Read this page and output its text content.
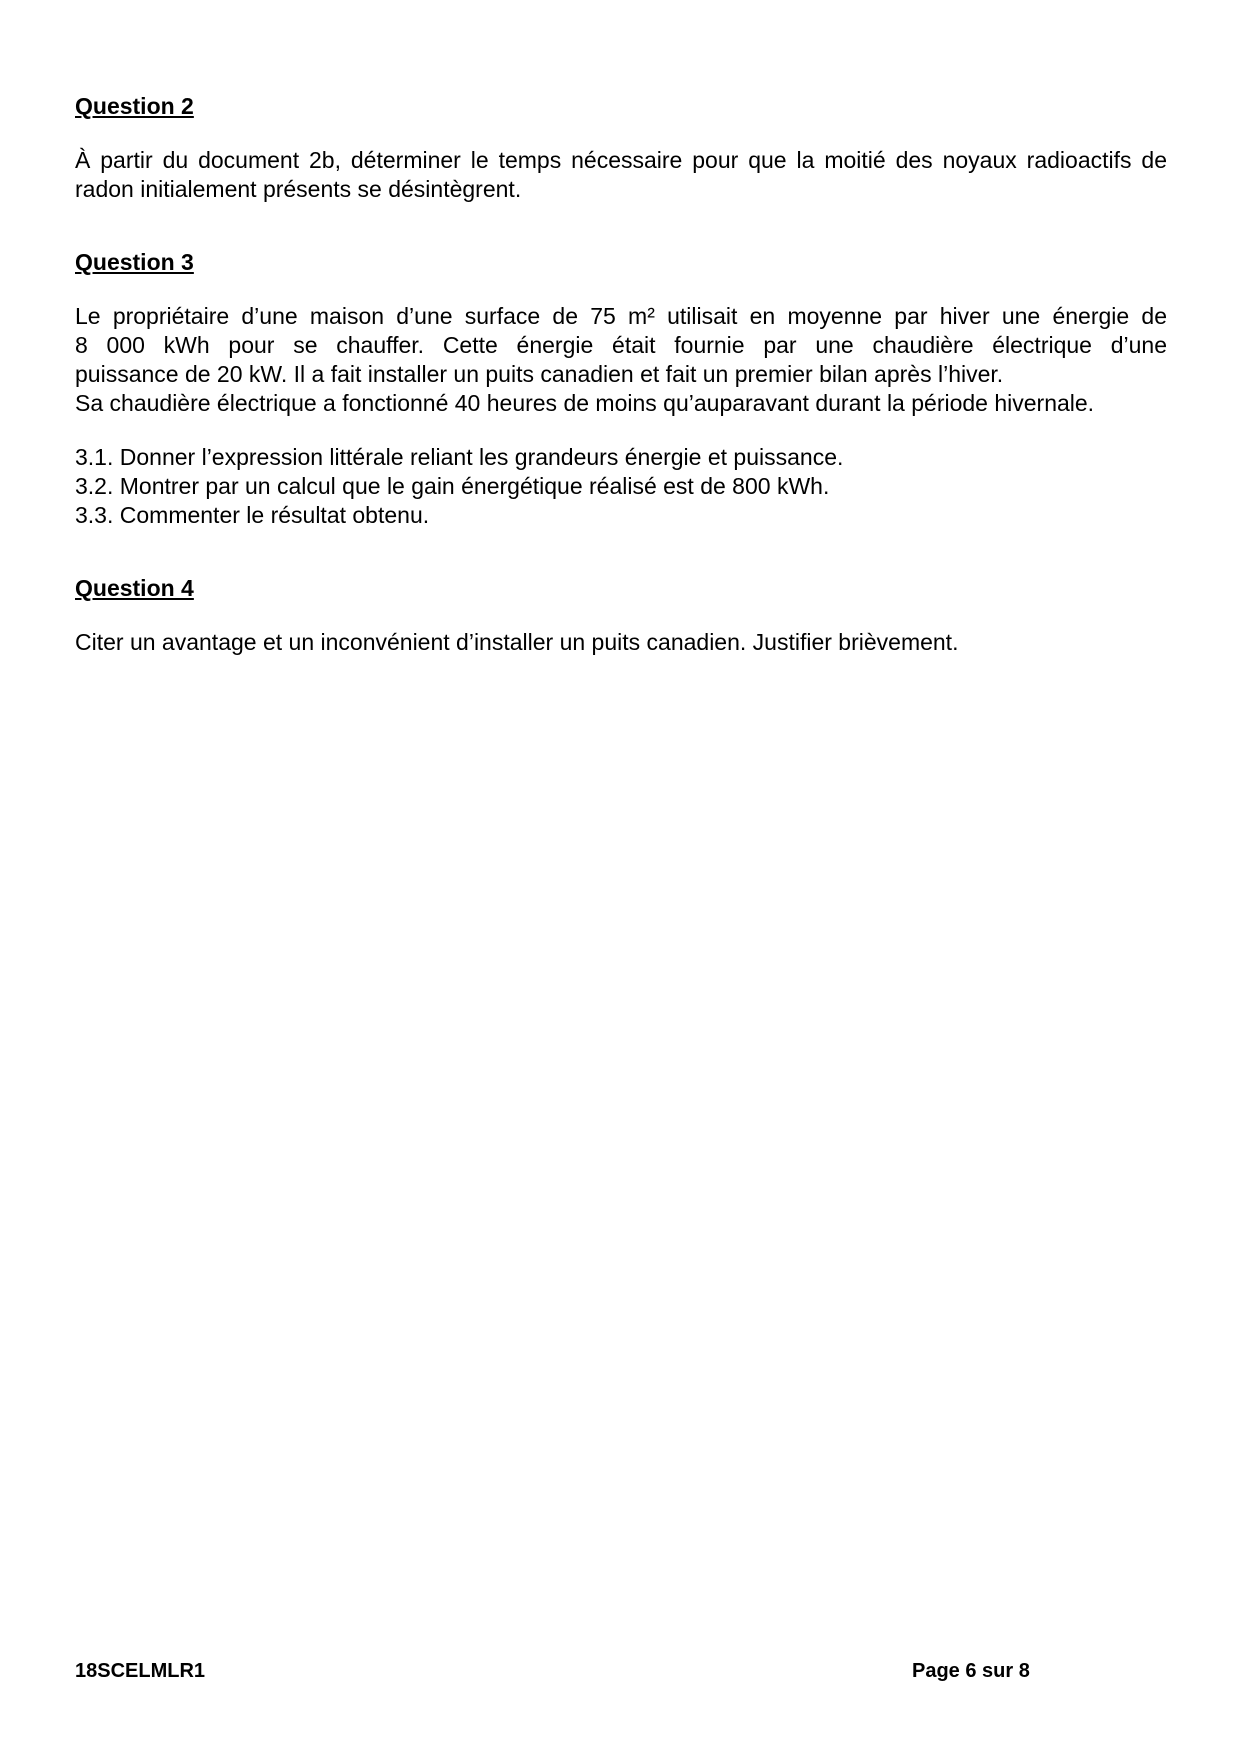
Question 2

À partir du document 2b, déterminer le temps nécessaire pour que la moitié des noyaux radioactifs de radon initialement présents se désintègrent.

Question 3
Le propriétaire d’une maison d’une surface de 75 m² utilisait en moyenne par hiver une énergie de
8 000 kWh pour se chauffer. Cette énergie était fournie par une chaudière électrique d’une
puissance de 20 kW. Il a fait installer un puits canadien et fait un premier bilan après l’hiver.
Sa chaudière électrique a fonctionné 40 heures de moins qu’auparavant durant la période hivernale.
3.1. Donner l’expression littérale reliant les grandeurs énergie et puissance.
3.2. Montrer par un calcul que le gain énergétique réalisé est de 800 kWh.
3.3. Commenter le résultat obtenu.
Question 4

Citer un avantage et un inconvénient d’installer un puits canadien. Justifier brièvement.

18SCELMLR1	Page 6 sur 8
